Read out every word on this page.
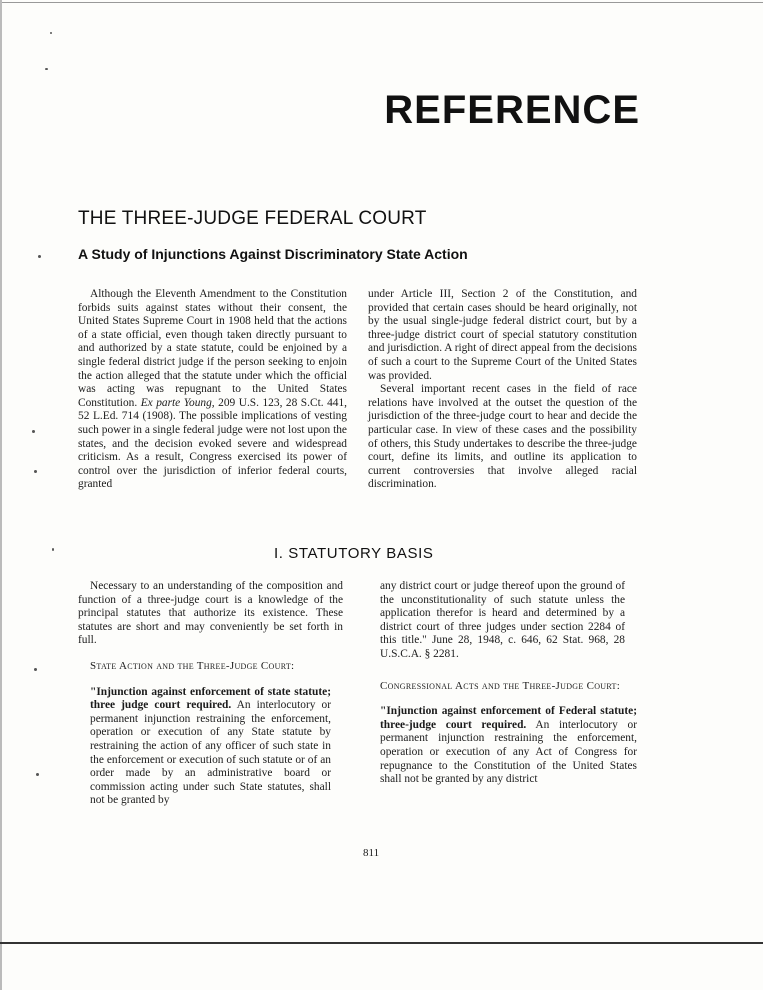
REFERENCE
THE THREE-JUDGE FEDERAL COURT
A Study of Injunctions Against Discriminatory State Action

Although the Eleventh Amendment to the Constitution forbids suits against states without their consent, the United States Supreme Court in 1908 held that the actions of a state official, even though taken directly pursuant to and authorized by a state statute, could be enjoined by a single federal district judge if the person seeking to enjoin the action alleged that the statute under which the official was acting was repugnant to the United States Constitution. Ex parte Young, 209 U.S. 123, 28 S.Ct. 441, 52 L.Ed. 714 (1908). The possible implications of vesting such power in a single federal judge were not lost upon the states, and the decision evoked severe and widespread criticism. As a result, Congress exercised its power of control over the jurisdiction of inferior federal courts, granted

under Article III, Section 2 of the Constitution, and provided that certain cases should be heard originally, not by the usual single-judge federal district court, but by a three-judge district court of special statutory constitution and jurisdiction. A right of direct appeal from the decisions of such a court to the Supreme Court of the United States was provided.

Several important recent cases in the field of race relations have involved at the outset the question of the jurisdiction of the three-judge court to hear and decide the particular case. In view of these cases and the possibility of others, this Study undertakes to describe the three-judge court, define its limits, and outline its application to current controversies that involve alleged racial discrimination.

I. STATUTORY BASIS

Necessary to an understanding of the composition and function of a three-judge court is a knowledge of the principal statutes that authorize its existence. These statutes are short and may conveniently be set forth in full.

State Action and the Three-Judge Court:

"Injunction against enforcement of state statute; three judge court required. An interlocutory or permanent injunction restraining the enforcement, operation or execution of any State statute by restraining the action of any officer of such state in the enforcement or execution of such statute or of an order made by an administrative board or commission acting under such State statutes, shall not be granted by

any district court or judge thereof upon the ground of the unconstitutionality of such statute unless the application therefor is heard and determined by a district court of three judges under section 2284 of this title." June 28, 1948, c. 646, 62 Stat. 968, 28 U.S.C.A. § 2281.

Congressional Acts and the Three-Judge Court:

"Injunction against enforcement of Federal statute; three-judge court required. An interlocutory or permanent injunction restraining the enforcement, operation or execution of any Act of Congress for repugnance to the Constitution of the United States shall not be granted by any district

811
